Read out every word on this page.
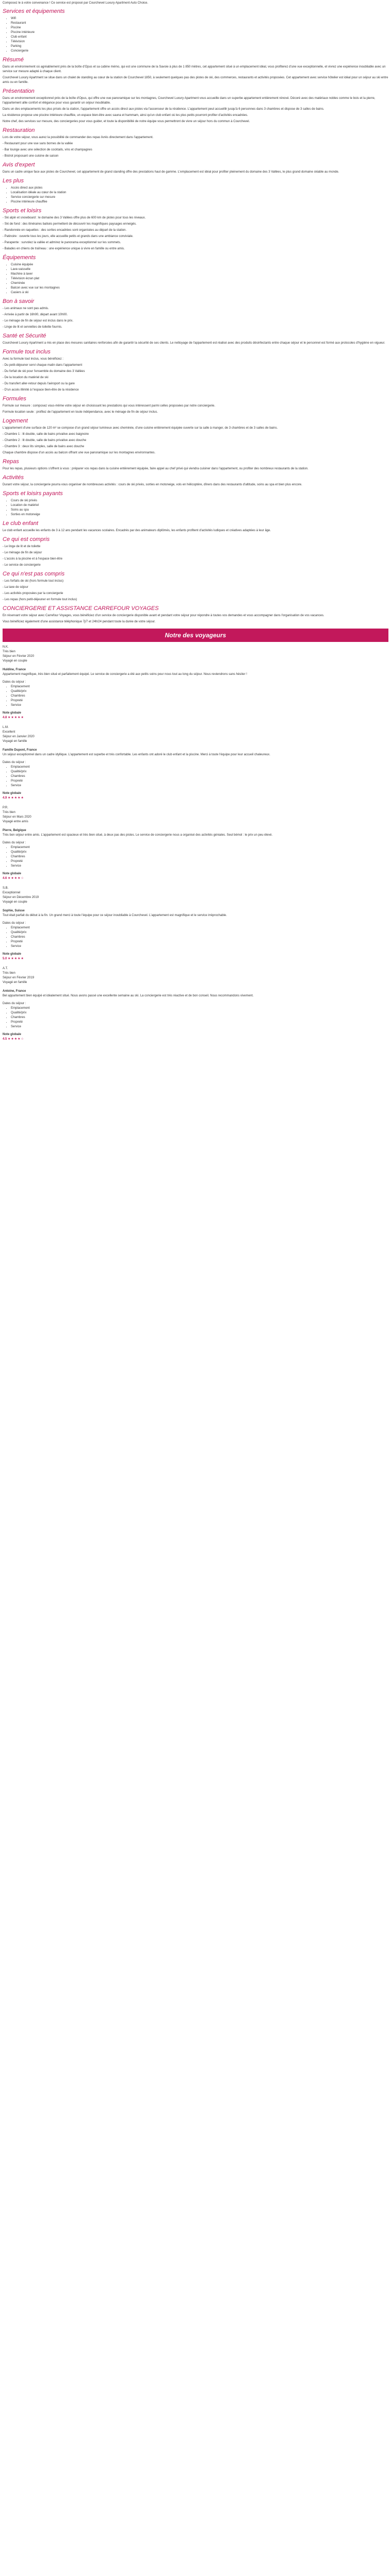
Composez le à votre convenance ! Ce service est proposé par Courchevel Luxury Apartment Auto Choice.

Services et équipements
• Wifi
• Restaurant
• Piscine
• Piscine intérieure
• Club enfant
• Télévision
• Parking
• Conciergerie
Résumé

Dans un environnement où agréablement près de la boîte d'Opus et sa cabine mémo, qui est une commune de la Savoie à plus de 1 850 mètres, cet appartement situé à un emplacement idéal, vous profiterez d'une vue exceptionnelle, et vivrez une expérience inoubliable avec un service sur mesure adapté à chaque client.

Courchevel Luxury Apartment se situe dans un chalet de standing au cœur de la station de Courchevel 1850, à seulement quelques pas des pistes de ski, des commerces, restaurants et activités proposées. Cet appartement avec service hôtelier est idéal pour un séjour au ski entre amis ou en famille.

Présentation

Dans un environnement exceptionnel près de la boîte d'Opus, qui offre une vue panoramique sur les montagnes, Courchevel Luxury Apartment vous accueille dans un superbe appartement entièrement rénové. Décoré avec des matériaux nobles comme le bois et la pierre, l'appartement allie confort et élégance pour vous garantir un séjour inoubliable.

Dans un des emplacements les plus prisés de la station, l'appartement offre un accès direct aux pistes via l'ascenseur de la résidence. L'appartement peut accueillir jusqu'à 6 personnes dans 3 chambres et dispose de 3 salles de bains.

La résidence propose une piscine intérieure chauffée, un espace bien-être avec sauna et hammam, ainsi qu'un club enfant où les plus petits pourront profiter d'activités encadrées.

Notre chef, des services sur mesure, des conciergeries pour vous guider, et toute la disponibilité de notre équipe vous permettront de vivre un séjour hors du commun à Courchevel.

Restauration

Lors de votre séjour, vous aurez la possibilité de commander des repas livrés directement dans l'appartement.

- Restaurant pour une vue sans bornes de la vallée

- Bar lounge avec une sélection de cocktails, vins et champagnes

- Bistrot proposant une cuisine de saison

Avis d'expert

Dans un cadre unique face aux pistes de Courchevel, cet appartement de grand standing offre des prestations haut de gamme. L'emplacement est idéal pour profiter pleinement du domaine des 3 Vallées, le plus grand domaine skiable au monde.

Les plus
• Accès direct aux pistes
• Localisation idéale au cœur de la station
• Service conciergerie sur mesure
• Piscine intérieure chauffée
Sports et loisirs

- Ski alpin et snowboard : le domaine des 3 Vallées offre plus de 600 km de pistes pour tous les niveaux.

- Ski de fond : des itinéraires balisés permettent de découvrir les magnifiques paysages enneigés.

- Randonnée en raquettes : des sorties encadrées sont organisées au départ de la station.

- Patinoire : ouverte tous les jours, elle accueille petits et grands dans une ambiance conviviale.

- Parapente : survolez la vallée et admirez le panorama exceptionnel sur les sommets.

- Balades en chiens de traîneau : une expérience unique à vivre en famille ou entre amis.

Équipements
• Cuisine équipée
• Lave-vaisselle
• Machine à laver
• Télévision écran plat
• Cheminée
• Balcon avec vue sur les montagnes
• Casiers à ski
Bon à savoir

- Les animaux ne sont pas admis.

- Arrivée à partir de 16h00, départ avant 10h00.

- Le ménage de fin de séjour est inclus dans le prix.

- Linge de lit et serviettes de toilette fournis.

Santé et Sécurité

Courchevel Luxury Apartment a mis en place des mesures sanitaires renforcées afin de garantir la sécurité de ses clients. Le nettoyage de l'appartement est réalisé avec des produits désinfectants entre chaque séjour et le personnel est formé aux protocoles d'hygiène en vigueur.

Formule tout inclus

Avec la formule tout inclus, vous bénéficiez :

- Du petit-déjeuner servi chaque matin dans l'appartement

- Du forfait de ski pour l'ensemble du domaine des 3 Vallées

- De la location du matériel de ski

- Du transfert aller-retour depuis l'aéroport ou la gare

- D'un accès illimité à l'espace bien-être de la résidence

Formules

Formule sur mesure : composez vous-même votre séjour en choisissant les prestations qui vous intéressent parmi celles proposées par notre conciergerie.

Formule location seule : profitez de l'appartement en toute indépendance, avec le ménage de fin de séjour inclus.

Logement

L'appartement d'une surface de 120 m² se compose d'un grand séjour lumineux avec cheminée, d'une cuisine entièrement équipée ouverte sur la salle à manger, de 3 chambres et de 3 salles de bains.

- Chambre 1 : lit double, salle de bains privative avec baignoire

- Chambre 2 : lit double, salle de bains privative avec douche

- Chambre 3 : deux lits simples, salle de bains avec douche

Chaque chambre dispose d'un accès au balcon offrant une vue panoramique sur les montagnes environnantes.

Repas

Pour les repas, plusieurs options s'offrent à vous : préparer vos repas dans la cuisine entièrement équipée, faire appel au chef privé qui viendra cuisiner dans l'appartement, ou profiter des nombreux restaurants de la station.

Activités

Durant votre séjour, la conciergerie pourra vous organiser de nombreuses activités : cours de ski privés, sorties en motoneige, vols en hélicoptère, dîners dans des restaurants d'altitude, soins au spa et bien plus encore.

Sports et loisirs payants
• Cours de ski privés
• Location de matériel
• Soins au spa
• Sorties en motoneige
Le club enfant

Le club enfant accueille les enfants de 3 à 12 ans pendant les vacances scolaires. Encadrés par des animateurs diplômés, les enfants profitent d'activités ludiques et créatives adaptées à leur âge.

Ce qui est compris

- Le linge de lit et de toilette

- Le ménage de fin de séjour

- L'accès à la piscine et à l'espace bien-être

- Le service de conciergerie

Ce qui n'est pas compris

- Les forfaits de ski (hors formule tout inclus)

- La taxe de séjour

- Les activités proposées par la conciergerie

- Les repas (hors petit-déjeuner en formule tout inclus)

CONCIERGERIE ET ASSISTANCE CARREFOUR VOYAGES

En réservant votre séjour avec Carrefour Voyages, vous bénéficiez d'un service de conciergerie disponible avant et pendant votre séjour pour répondre à toutes vos demandes et vous accompagner dans l'organisation de vos vacances.

Vous bénéficiez également d'une assistance téléphonique 7j/7 et 24h/24 pendant toute la durée de votre séjour.

Notre des voyageurs

N.K.

Très bien

Séjour en Février 2020

Voyagé en couple

Huldine, France

Appartement magnifique, très bien situé et parfaitement équipé. Le service de conciergerie a été aux petits soins pour nous tout au long du séjour. Nous reviendrons sans hésiter !

Dates du séjour :

• Emplacement
• Qualité/prix
• Chambres
• Propreté
• Service

Note globale

4.8 ★★★★★

L.M.

Excellent

Séjour en Janvier 2020

Voyagé en famille

Famille Dupont, France

Un séjour exceptionnel dans un cadre idyllique. L'appartement est superbe et très confortable. Les enfants ont adoré le club enfant et la piscine. Merci à toute l'équipe pour leur accueil chaleureux.

Dates du séjour :

• Emplacement
• Qualité/prix
• Chambres
• Propreté
• Service

Note globale

4.9 ★★★★★

P.R.

Très bien

Séjour en Mars 2020

Voyagé entre amis

Pierre, Belgique

Très bon séjour entre amis. L'appartement est spacieux et très bien situé, à deux pas des pistes. Le service de conciergerie nous a organisé des activités géniales. Seul bémol : le prix un peu élevé.

Dates du séjour :

• Emplacement
• Qualité/prix
• Chambres
• Propreté
• Service

Note globale

4.6 ★★★★☆

S.B.

Exceptionnel

Séjour en Décembre 2019

Voyagé en couple

Sophie, Suisse

Tout était parfait du début à la fin. Un grand merci à toute l'équipe pour ce séjour inoubliable à Courchevel. L'appartement est magnifique et le service irréprochable.

Dates du séjour :

• Emplacement
• Qualité/prix
• Chambres
• Propreté
• Service

Note globale

5.0 ★★★★★

A.T.

Très bien

Séjour en Février 2019

Voyagé en famille

Antoine, France

Bel appartement bien équipé et idéalement situé. Nous avons passé une excellente semaine au ski. La conciergerie est très réactive et de bon conseil. Nous recommandons vivement.

Dates du séjour :

• Emplacement
• Qualité/prix
• Chambres
• Propreté
• Service

Note globale

4.5 ★★★★☆
